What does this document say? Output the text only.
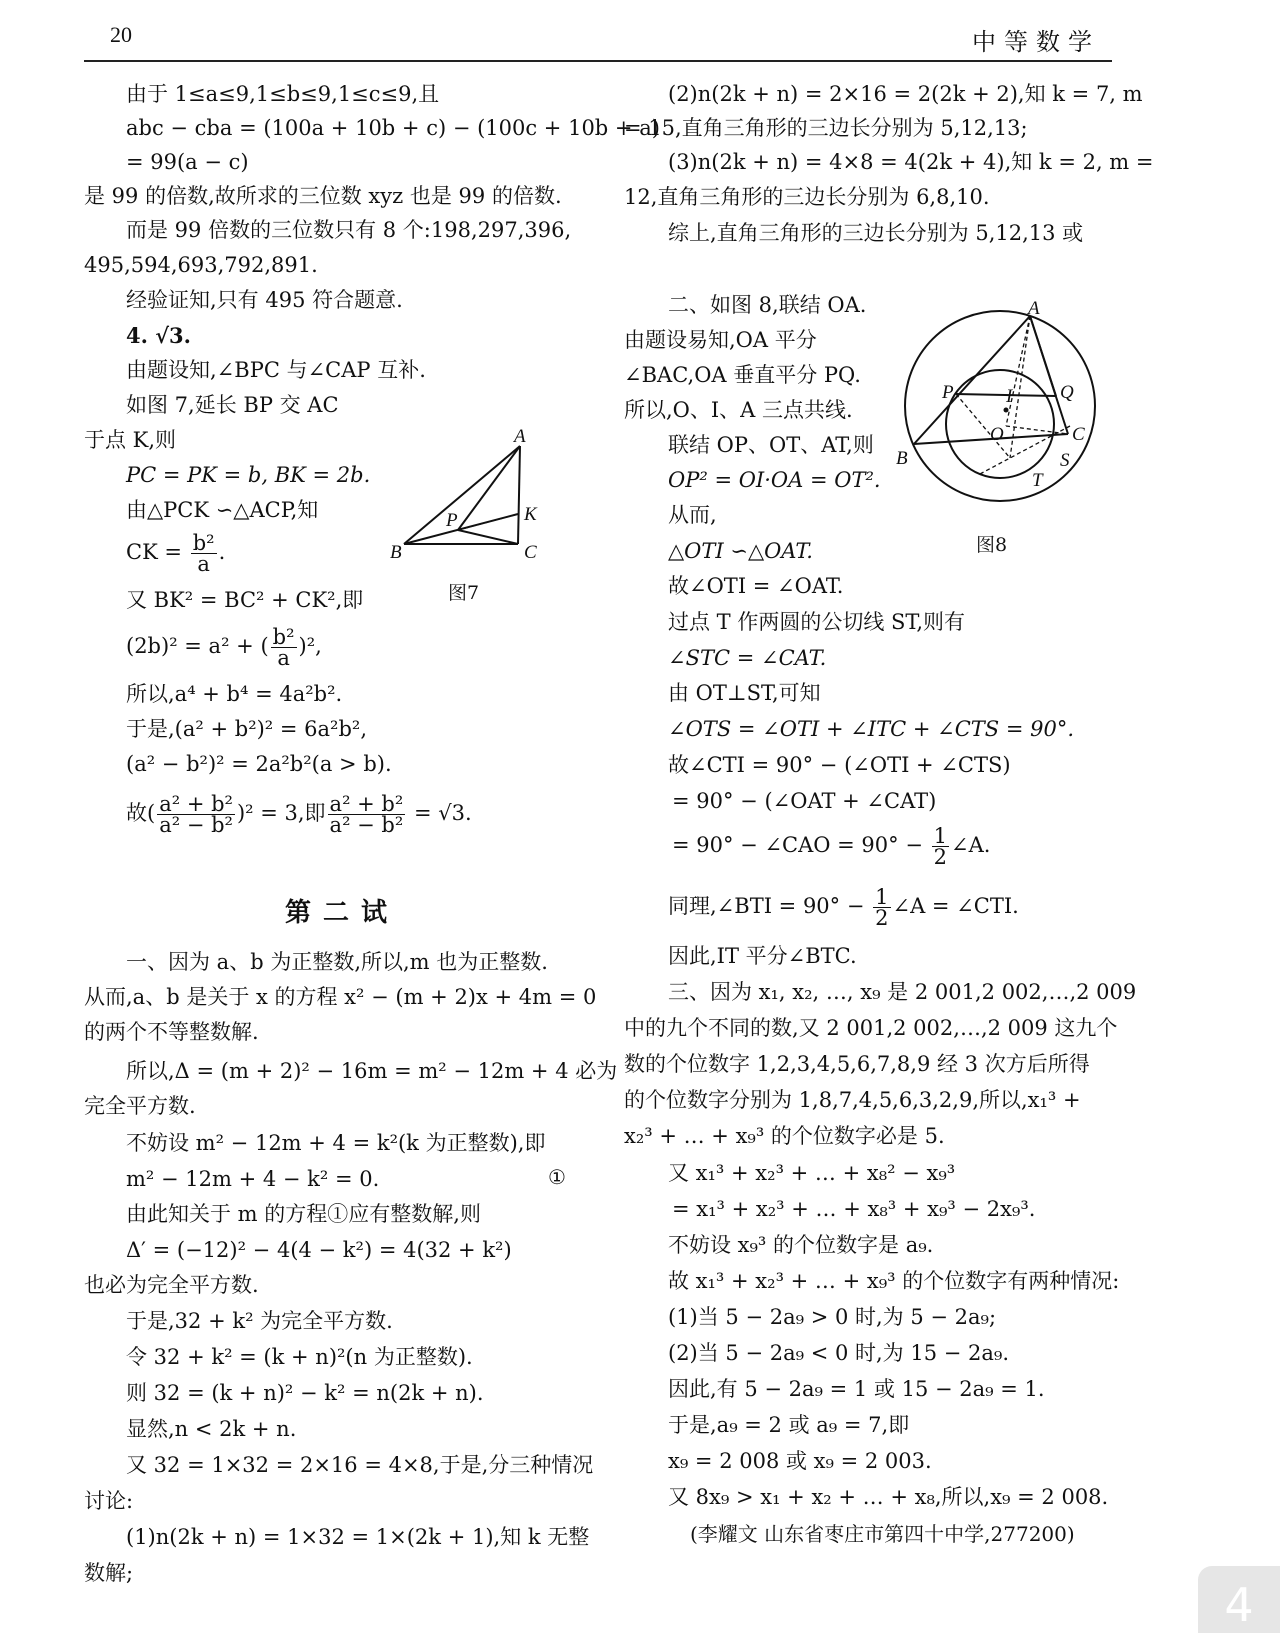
20	中等数学
由于 1≤a≤9,1≤b≤9,1≤c≤9,且
abc − cba = (100a + 10b + c) − (100c + 10b + a)
= 99(a − c)
是 99 的倍数,故所求的三位数 xyz 也是 99 的倍数.
而是 99 倍数的三位数只有 8 个:198,297,396,
495,594,693,792,891.
经验证知,只有 495 符合题意.
4. √3.
由题设知,∠BPC 与∠CAP 互补.
如图 7,延长 BP 交 AC
于点 K,则
PC = PK = b, BK = 2b.
由△PCK ∽△ACP,知
CK = $\frac{\text{b²}}{a}$ .
又 BK² = BC² + CK²,即
(2b)² = a² + ( $\frac{\text{b²}}{a} )^2$,
所以,a⁴ + b⁴ = 4a²b².
于是,(a² + b²)² = 6a²b²,
(a² − b²)² = 2a²b²(a > b).
故( $\frac{\text{a² + b²}}{\text{a² − b²}} )^2 = 3$,即 $\frac{\text{a² + b²}}{\text{a² − b²}} = √3$.
第二试
一、因为 a、b 为正整数,所以,m 也为正整数.
从而,a、b 是关于 x 的方程 x² − (m + 2)x + 4m = 0
的两个不等整数解.
所以,Δ = (m + 2)² − 16m = m² − 12m + 4 必为
完全平方数.
不妨设 m² − 12m + 4 = k²(k 为正整数),即
m² − 12m + 4 − k² = 0.	①
由此知关于 m 的方程①应有整数解,则
Δ′ = (−12)² − 4(4 − k²) = 4(32 + k²)
也必为完全平方数.
于是,32 + k² 为完全平方数.
令 32 + k² = (k + n)²(n 为正整数).
则 32 = (k + n)² − k² = n(2k + n).
显然,n < 2k + n.
又 32 = 1×32 = 2×16 = 4×8,于是,分三种情况
讨论:
(1)n(2k + n) = 1×32 = 1×(2k + 1),知 k 无整
数解;
A
B	C
K
P
图7
(2)n(2k + n) = 2×16 = 2(2k + 2),知 k = 7, m
= 15,直角三角形的三边长分别为 5,12,13;
(3)n(2k + n) = 4×8 = 4(2k + 4),知 k = 2, m =
12,直角三角形的三边长分别为 6,8,10.
综上,直角三角形的三边长分别为 5,12,13 或
二、如图 8,联结 OA.
由题设易知,OA 平分
∠BAC,OA 垂直平分 PQ.
所以,O、I、A 三点共线.
联结 OP、OT、AT,则
OP² = OI·OA = OT².
从而,
△OTI ∽△OAT.
故∠OTI = ∠OAT.
过点 T 作两圆的公切线 ST,则有
∠STC = ∠CAT.
由 OT⊥ST,可知
∠OTS = ∠OTI + ∠ITC + ∠CTS = 90°.
故∠CTI = 90° − (∠OTI + ∠CTS)
= 90° − (∠OAT + ∠CAT)
= 90° − ∠CAO = $90^\circ - \frac{1}{2}$ ∠A.
同理,∠BTI = $90^\circ - \frac{1}{2}$ ∠A = ∠CTI.
因此,IT 平分∠BTC.
三、因为 x₁, x₂, …, x₉ 是 2 001,2 002,…,2 009
中的九个不同的数,又 2 001,2 002,…,2 009 这九个
数的个位数字 1,2,3,4,5,6,7,8,9 经 3 次方后所得
的个位数字分别为 1,8,7,4,5,6,3,2,9,所以,x₁³ +
x₂³ + … + x₉³ 的个位数字必是 5.
又 x₁³ + x₂³ + … + x₈² − x₉³
= x₁³ + x₂³ + … + x₈³ + x₉³ − 2x₉³.
不妨设 x₉³ 的个位数字是 a₉.
故 x₁³ + x₂³ + … + x₉³ 的个位数字有两种情况:
(1)当 5 − 2a₉ > 0 时,为 5 − 2a₉;
(2)当 5 − 2a₉ < 0 时,为 15 − 2a₉.
因此,有 5 − 2a₉ = 1 或 15 − 2a₉ = 1.
于是,a₉ = 2 或 a₉ = 7,即
x₉ = 2 008 或 x₉ = 2 003.
又 8x₉ > x₁ + x₂ + … + x₈,所以,x₉ = 2 008.
(李耀文 山东省枣庄市第四十中学,277200)
A
B
C
P	Q
I
O
S
T
图8
4
